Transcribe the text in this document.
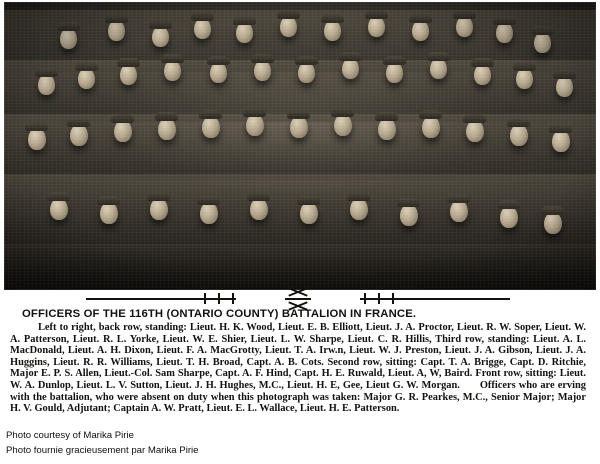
OFFICERS OF THE 116TH (ONTARIO COUNTY) BATTALION IN FRANCE.

Left to right, back row, standing: Lieut. H. K. Wood, Lieut. E. B. Elliott, Lieut. J. A. Proctor, Lieut. R. W. Soper, Lieut. W. A. Patterson, Lieut. R. L. Yorke, Lieut. W. E. Shier, Lieut. L. W. Sharpe, Lieut. C. R. Hillis, Third row, standing: Lieut. A. L. MacDonald, Lieut. A. H. Dixon, Lieut. F. A. MacGrotty, Lieut. T. A. Irw.n, Lieut. W. J. Preston, Lieut. J. A. Gibson, Lieut. J. A. Huggins, Lieut. R. R. Williams, Lieut. T. H. Broad, Capt. A. B. Cots. Second row, sitting: Capt. T. A. Brigge, Capt. D. Ritchie, Major E. P. S. Allen, Lieut.-Col. Sam Sharpe, Capt. A. F. Hind, Capt. H. E. Ruwald, Lieut. A, W, Baird. Front row, sitting: Lieut. W. A. Dunlop, Lieut. L. V. Sutton, Lieut. J. H. Hughes, M.C., Lieut. H. E, Gee, Lieut G. W. Morgan. Officers who are erving with the battalion, who were absent on duty when this photograph was taken: Major G. R. Pearkes, M.C., Senior Major; Major H. V. Gould, Adjutant; Captain A. W. Pratt, Lieut. E. L. Wallace, Lieut. H. E. Patterson.

Photo courtesy of Marika Pirie

Photo fournie gracieusement par Marika Pirie
